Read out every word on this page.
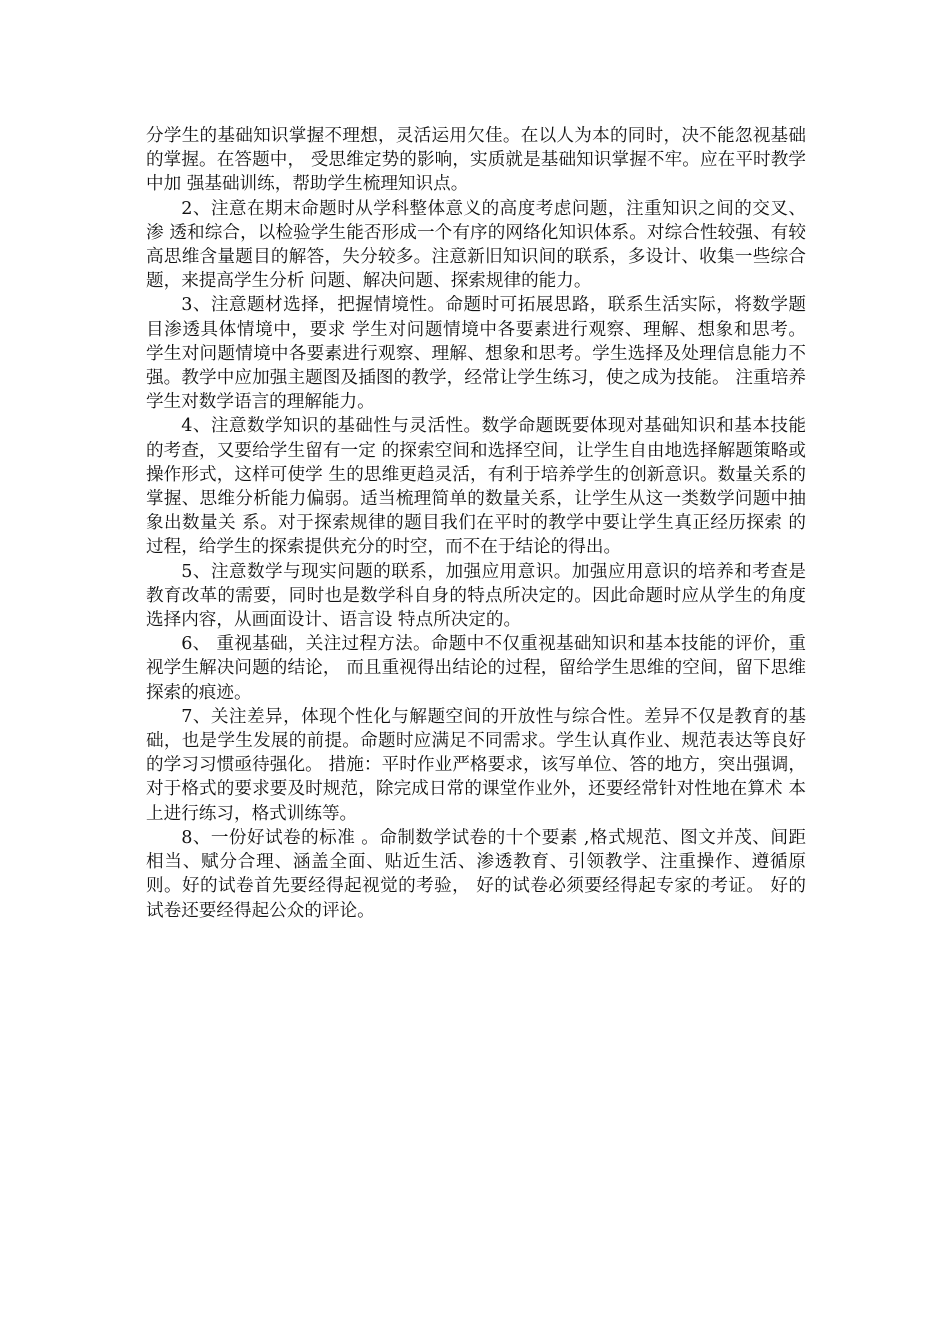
分学生的基础知识掌握不理想，灵活运用欠佳。在以人为本的同时，决不能忽视基础的掌握。在答题中， 受思维定势的影响，实质就是基础知识掌握不牢。应在平时教学中加 强基础训练，帮助学生梳理知识点。

2、注意在期末命题时从学科整体意义的高度考虑问题，注重知识之间的交叉、渗 透和综合，以检验学生能否形成一个有序的网络化知识体系。对综合性较强、有较高思维含量题目的解答，失分较多。注意新旧知识间的联系，多设计、收集一些综合题，来提高学生分析 问题、解决问题、探索规律的能力。

3、注意题材选择，把握情境性。命题时可拓展思路，联系生活实际，将数学题目渗透具体情境中，要求 学生对问题情境中各要素进行观察、理解、想象和思考。 学生对问题情境中各要素进行观察、理解、想象和思考。学生选择及处理信息能力不强。教学中应加强主题图及插图的教学，经常让学生练习，使之成为技能。 注重培养学生对数学语言的理解能力。

4、注意数学知识的基础性与灵活性。数学命题既要体现对基础知识和基本技能的考查，又要给学生留有一定 的探索空间和选择空间，让学生自由地选择解题策略或操作形式，这样可使学 生的思维更趋灵活，有利于培养学生的创新意识。数量关系的掌握、思维分析能力偏弱。适当梳理简单的数量关系，让学生从这一类数学问题中抽象出数量关 系。对于探索规律的题目我们在平时的教学中要让学生真正经历探索 的过程，给学生的探索提供充分的时空，而不在于结论的得出。

5、注意数学与现实问题的联系，加强应用意识。加强应用意识的培养和考查是教育改革的需要，同时也是数学科自身的特点所决定的。因此命题时应从学生的角度选择内容，从画面设计、语言设 特点所决定的。

6、 重视基础，关注过程方法。命题中不仅重视基础知识和基本技能的评价，重视学生解决问题的结论， 而且重视得出结论的过程，留给学生思维的空间，留下思维探索的痕迹。

7、关注差异，体现个性化与解题空间的开放性与综合性。差异不仅是教育的基础，也是学生发展的前提。命题时应满足不同需求。学生认真作业、规范表达等良好的学习习惯亟待强化。 措施：平时作业严格要求，该写单位、答的地方，突出强调，对于格式的要求要及时规范，除完成日常的课堂作业外，还要经常针对性地在算术 本上进行练习，格式训练等。

8、一份好试卷的标准 。命制数学试卷的十个要素 ,格式规范、图文并茂、间距相当、赋分合理、涵盖全面、贴近生活、渗透教育、引领教学、注重操作、遵循原则。好的试卷首先要经得起视觉的考验， 好的试卷必须要经得起专家的考证。 好的试卷还要经得起公众的评论。
